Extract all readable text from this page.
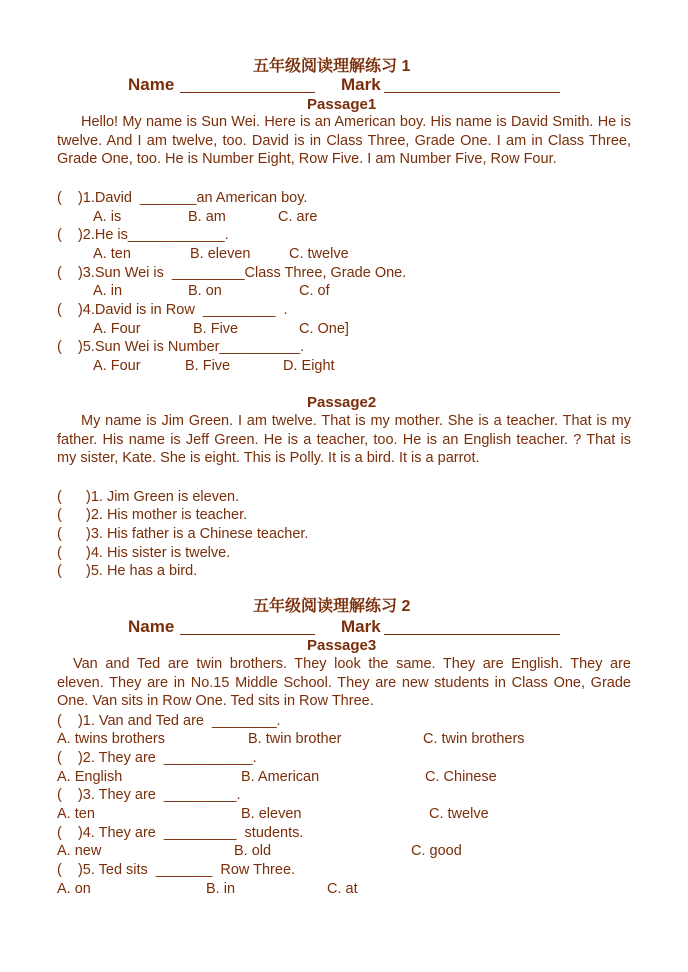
五年级阅读理解练习 1
Name	Mark
Passage1
Hello! My name is Sun Wei. Here is an American boy. His name is David Smith. He is twelve. And I am twelve, too. David is in Class Three, Grade One. I am in Class Three, Grade One, too. He is Number Eight, Row Five. I am Number Five, Row Four.
(    )1.David  _______an American boy.
A. is	B. am	C. are
(    )2.He is____________.
A. ten	B. eleven	C. twelve
(    )3.Sun Wei is  _________Class Three, Grade One.
A. in	B. on	C. of
(    )4.David is in Row  _________  .
A. Four	B. Five	C. One]
(    )5.Sun Wei is Number__________.
A. Four	B. Five	D. Eight
Passage2
My name is Jim Green. I am twelve. That is my mother. She is a teacher. That is my father. His name is Jeff Green. He is a teacher, too. He is an English teacher. ? That is my sister, Kate. She is eight. This is Polly. It is a bird. It is a parrot.
(      )1. Jim Green is eleven.
(      )2. His mother is teacher.
(      )3. His father is a Chinese teacher.
(      )4. His sister is twelve.
(      )5. He has a bird.
五年级阅读理解练习 2
Name	Mark
Passage3
Van and Ted are twin brothers. They look the same. They are English. They are eleven. They are in No.15 Middle School. They are new students in Class One, Grade One. Van sits in Row One. Ted sits in Row Three.
(    )1. Van and Ted are  ________.
A. twins brothers	B. twin brother	C. twin brothers
(    )2. They are  ___________.
A. English	B. American	C. Chinese
(    )3. They are  _________.
A. ten	B. eleven	C. twelve
(    )4. They are  _________  students.
A. new	B. old	C. good
(    )5. Ted sits  _______  Row Three.
A. on	B. in	C. at
